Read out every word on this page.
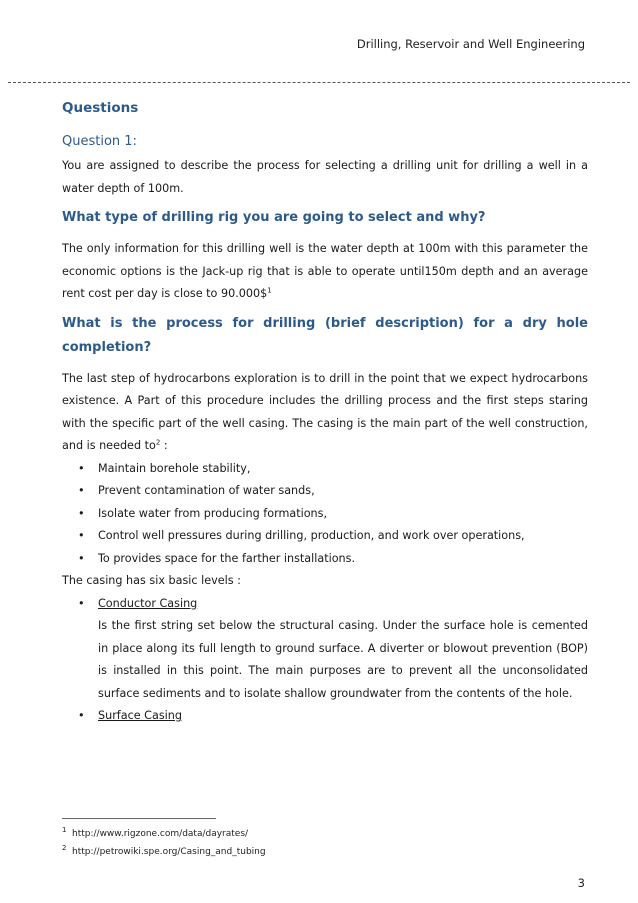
Drilling, Reservoir and Well Engineering
Questions
Question 1:

You are assigned to describe the process for selecting a drilling unit for drilling a well in a water depth of 100m.

What type of drilling rig you are going to select and why?

The only information for this drilling well is the water depth at 100m with this parameter the economic options is the Jack-up rig that is able to operate until150m depth and an average rent cost per day is close to 90.000\$$^1$

What is the process for drilling (brief description) for a dry hole completion?

The last step of hydrocarbons exploration is to drill in the point that we expect hydrocarbons existence. A Part of this procedure includes the drilling process and the first steps staring with the specific part of the well casing. The casing is the main part of the well construction, and is needed $to^2$ :

• Maintain borehole stability,
• Prevent contamination of water sands,
• Isolate water from producing formations,
• Control well pressures during drilling, production, and work over operations,
• To provides space for the farther installations.

The casing has six basic levels :

• Conductor Casing
Is the first string set below the structural casing. Under the surface hole is cemented in place along its full length to ground surface. A diverter or blowout prevention (BOP) is installed in this point. The main purposes are to prevent all the unconsolidated surface sediments and to isolate shallow groundwater from the contents of the hole.
• Surface Casing
1 http://www.rigzone.com/data/dayrates/
2 http://petrowiki.spe.org/Casing_and_tubing
3
